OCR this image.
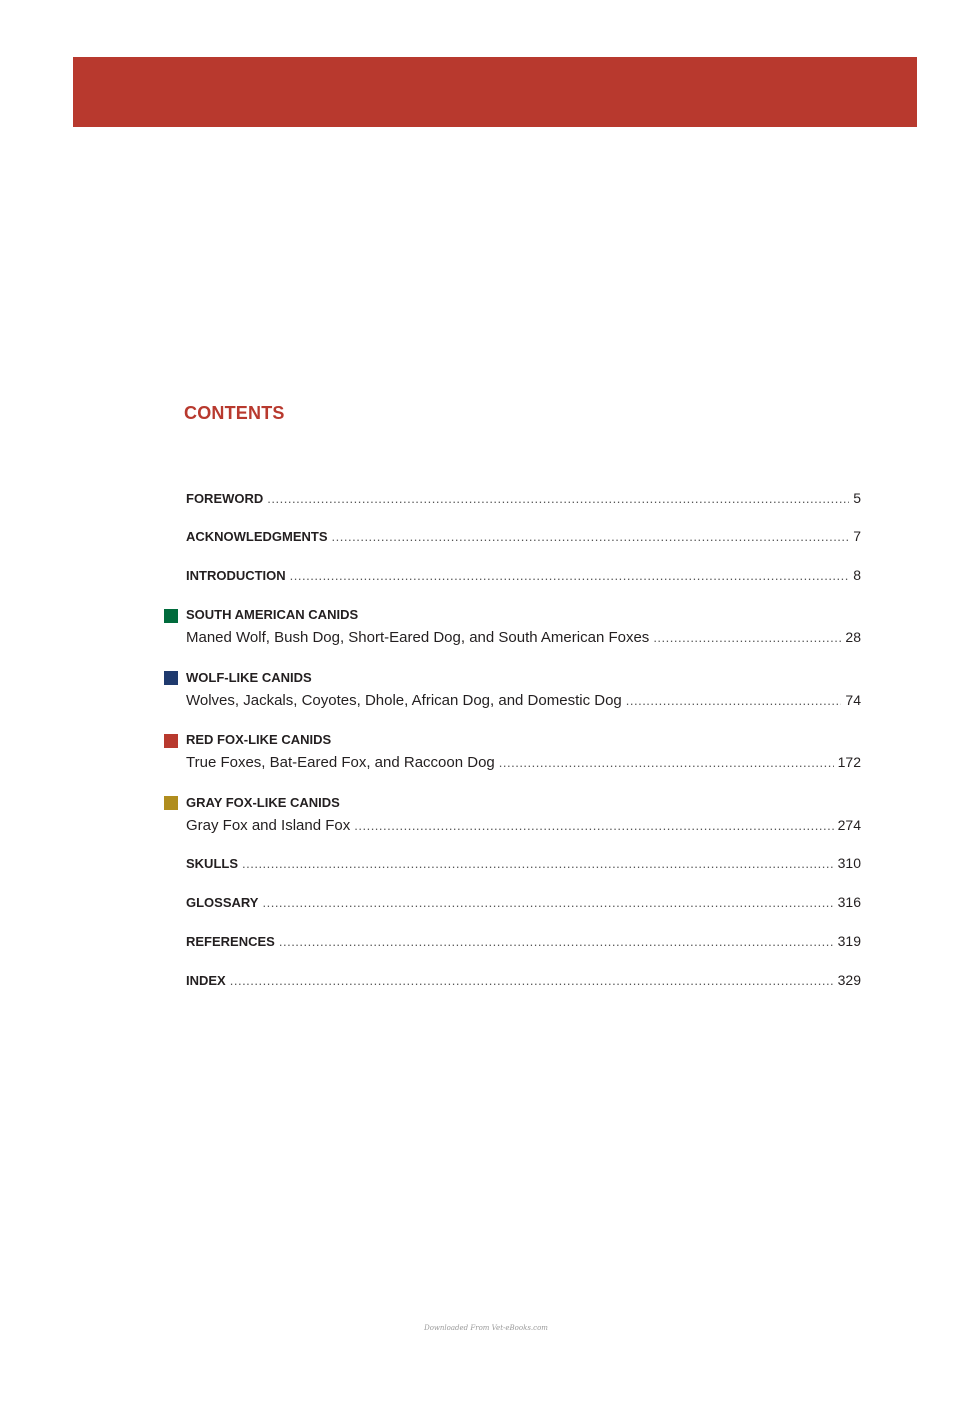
CONTENTS
FOREWORD .....	5
ACKNOWLEDGMENTS .....	7
INTRODUCTION .....	8
SOUTH AMERICAN CANIDS
Maned Wolf, Bush Dog, Short-Eared Dog, and South American Foxes .....	28
WOLF-LIKE CANIDS
Wolves, Jackals, Coyotes, Dhole, African Dog, and Domestic Dog .....	74
RED FOX-LIKE CANIDS
True Foxes, Bat-Eared Fox, and Raccoon Dog .....	172
GRAY FOX-LIKE CANIDS
Gray Fox and Island Fox .....	274
SKULLS .....	310
GLOSSARY .....	316
REFERENCES .....	319
INDEX .....	329
Downloaded From Vet-eBooks.com
